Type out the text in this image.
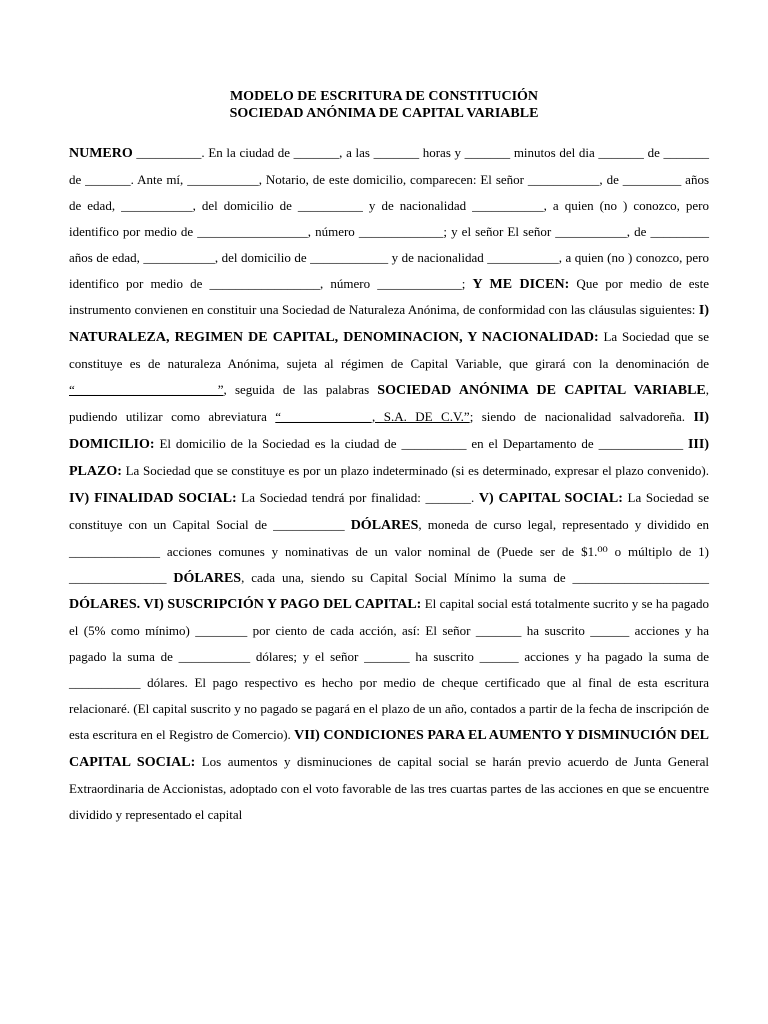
MODELO DE ESCRITURA DE CONSTITUCIÓN
SOCIEDAD ANÓNIMA DE CAPITAL VARIABLE

NUMERO __________. En la ciudad de _______, a las _______ horas y _______ minutos del dia _______ de _______ de _______. Ante mí, ___________, Notario, de este domicilio, comparecen: El señor ___________, de _________ años de edad, ___________, del domicilio de __________ y de nacionalidad ___________, a quien (no ) conozco, pero identifico por medio de _________________, número _____________; y el señor El señor ___________, de _________ años de edad, ___________, del domicilio de ____________ y de nacionalidad ___________, a quien (no ) conozco, pero identifico por medio de _________________, número _____________; Y ME DICEN: Que por medio de este instrumento convienen en constituir una Sociedad de Naturaleza Anónima, de conformidad con las cláusulas siguientes: I) NATURALEZA, REGIMEN DE CAPITAL, DENOMINACION, Y NACIONALIDAD: La Sociedad que se constituye es de naturaleza Anónima, sujeta al régimen de Capital Variable, que girará con la denominación de “______________________”, seguida de las palabras SOCIEDAD ANÓNIMA DE CAPITAL VARIABLE, pudiendo utilizar como abreviatura “______________, S.A. DE C.V.”; siendo de nacionalidad salvadoreña. II) DOMICILIO: El domicilio de la Sociedad es la ciudad de __________ en el Departamento de _____________ III) PLAZO: La Sociedad que se constituye es por un plazo indeterminado (si es determinado, expresar el plazo convenido). IV) FINALIDAD SOCIAL: La Sociedad tendrá por finalidad: _______. V) CAPITAL SOCIAL: La Sociedad se constituye con un Capital Social de ___________ DÓLARES, moneda de curso legal, representado y dividido en ______________ acciones comunes y nominativas de un valor nominal de (Puede ser de $1.⁰⁰ o múltiplo de 1) _______________ DÓLARES, cada una, siendo su Capital Social Mínimo la suma de _____________________ DÓLARES. VI) SUSCRIPCIÓN Y PAGO DEL CAPITAL: El capital social está totalmente sucrito y se ha pagado el (5% como mínimo) ________ por ciento de cada acción, así: El señor _______ ha suscrito ______ acciones y ha pagado la suma de ___________ dólares; y el señor _______ ha suscrito ______ acciones y ha pagado la suma de ___________ dólares. El pago respectivo es hecho por medio de cheque certificado que al final de esta escritura relacionaré. (El capital suscrito y no pagado se pagará en el plazo de un año, contados a partir de la fecha de inscripción de esta escritura en el Registro de Comercio). VII) CONDICIONES PARA EL AUMENTO Y DISMINUCIÓN DEL CAPITAL SOCIAL: Los aumentos y disminuciones de capital social se harán previo acuerdo de Junta General Extraordinaria de Accionistas, adoptado con el voto favorable de las tres cuartas partes de las acciones en que se encuentre dividido y representado el capital
